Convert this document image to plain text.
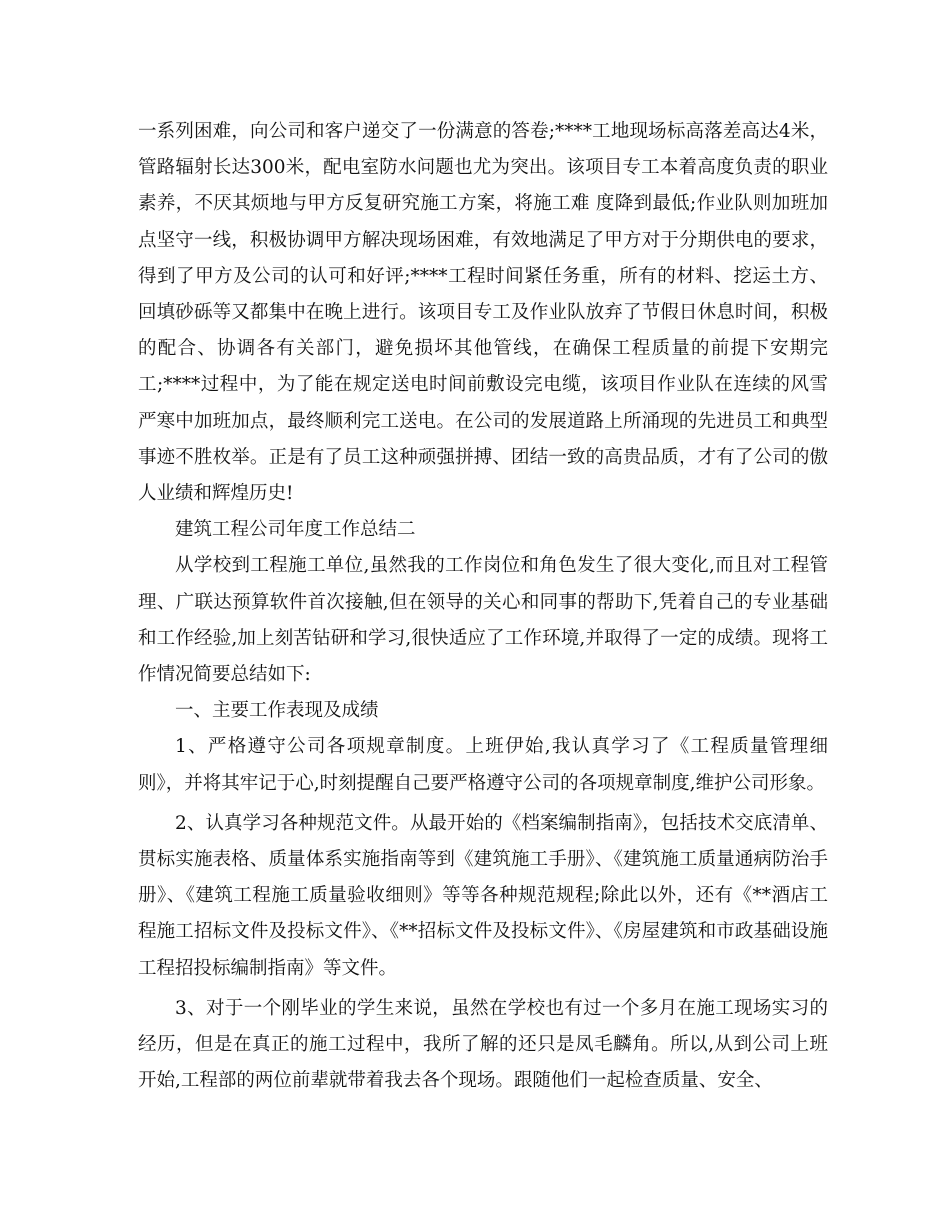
一系列困难，向公司和客户递交了一份满意的答卷;****工地现场标高落差高达4米，管路辐射长达300米，配电室防水问题也尤为突出。该项目专工本着高度负责的职业素养，不厌其烦地与甲方反复研究施工方案，将施工难 度降到最低;作业队则加班加点坚守一线，积极协调甲方解决现场困难，有效地满足了甲方对于分期供电的要求，得到了甲方及公司的认可和好评;****工程时间紧任务重，所有的材料、挖运土方、回填砂砾等又都集中在晚上进行。该项目专工及作业队放弃了节假日休息时间，积极的配合、协调各有关部门，避免损坏其他管线，在确保工程质量的前提下安期完工;****过程中，为了能在规定送电时间前敷设完电缆，该项目作业队在连续的风雪严寒中加班加点，最终顺利完工送电。在公司的发展道路上所涌现的先进员工和典型事迹不胜枚举。正是有了员工这种顽强拼搏、团结一致的高贵品质，才有了公司的傲人业绩和辉煌历史!

建筑工程公司年度工作总结二

从学校到工程施工单位,虽然我的工作岗位和角色发生了很大变化,而且对工程管理、广联达预算软件首次接触,但在领导的关心和同事的帮助下,凭着自己的专业基础和工作经验,加上刻苦钻研和学习,很快适应了工作环境,并取得了一定的成绩。现将工作情况简要总结如下:

一、主要工作表现及成绩

1、严格遵守公司各项规章制度。上班伊始,我认真学习了《工程质量管理细则》，并将其牢记于心,时刻提醒自己要严格遵守公司的各项规章制度,维护公司形象。

2、认真学习各种规范文件。从最开始的《档案编制指南》，包括技术交底清单、贯标实施表格、质量体系实施指南等到《建筑施工手册》、《建筑施工质量通病防治手册》、《建筑工程施工质量验收细则》等等各种规范规程;除此以外，还有《**酒店工程施工招标文件及投标文件》、《**招标文件及投标文件》、《房屋建筑和市政基础设施工程招投标编制指南》等文件。

3、对于一个刚毕业的学生来说，虽然在学校也有过一个多月在施工现场实习的经历，但是在真正的施工过程中，我所了解的还只是凤毛麟角。所以,从到公司上班开始,工程部的两位前辈就带着我去各个现场。跟随他们一起检查质量、安全、
